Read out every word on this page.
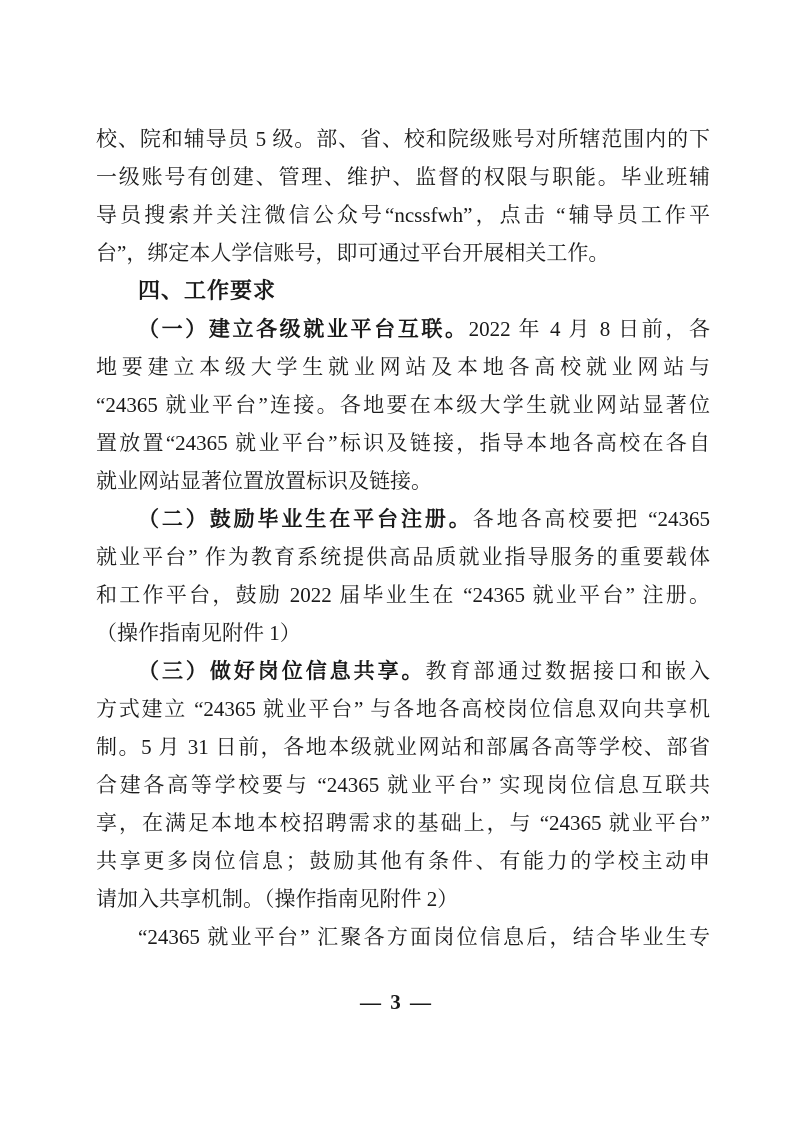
校、院和辅导员 5 级。部、省、校和院级账号对所辖范围内的下
一级账号有创建、管理、维护、监督的权限与职能。毕业班辅
导员搜索并关注微信公众号“ncssfwh”，点击 “辅导员工作平
台”，绑定本人学信账号，即可通过平台开展相关工作。
四、工作要求
（一）建立各级就业平台互联。2022 年 4 月 8 日前，各
地要建立本级大学生就业网站及本地各高校就业网站与
“24365 就业平台”连接。各地要在本级大学生就业网站显著位
置放置“24365 就业平台”标识及链接，指导本地各高校在各自
就业网站显著位置放置标识及链接。
（二）鼓励毕业生在平台注册。各地各高校要把 “24365
就业平台” 作为教育系统提供高品质就业指导服务的重要载体
和工作平台，鼓励 2022 届毕业生在 “24365 就业平台” 注册。
（操作指南见附件 1）
（三）做好岗位信息共享。教育部通过数据接口和嵌入
方式建立 “24365 就业平台” 与各地各高校岗位信息双向共享机
制。5 月 31 日前，各地本级就业网站和部属各高等学校、部省
合建各高等学校要与 “24365 就业平台” 实现岗位信息互联共
享，在满足本地本校招聘需求的基础上，与 “24365 就业平台”
共享更多岗位信息；鼓励其他有条件、有能力的学校主动申
请加入共享机制。（操作指南见附件 2）
“24365 就业平台” 汇聚各方面岗位信息后，结合毕业生专
— 3 —
